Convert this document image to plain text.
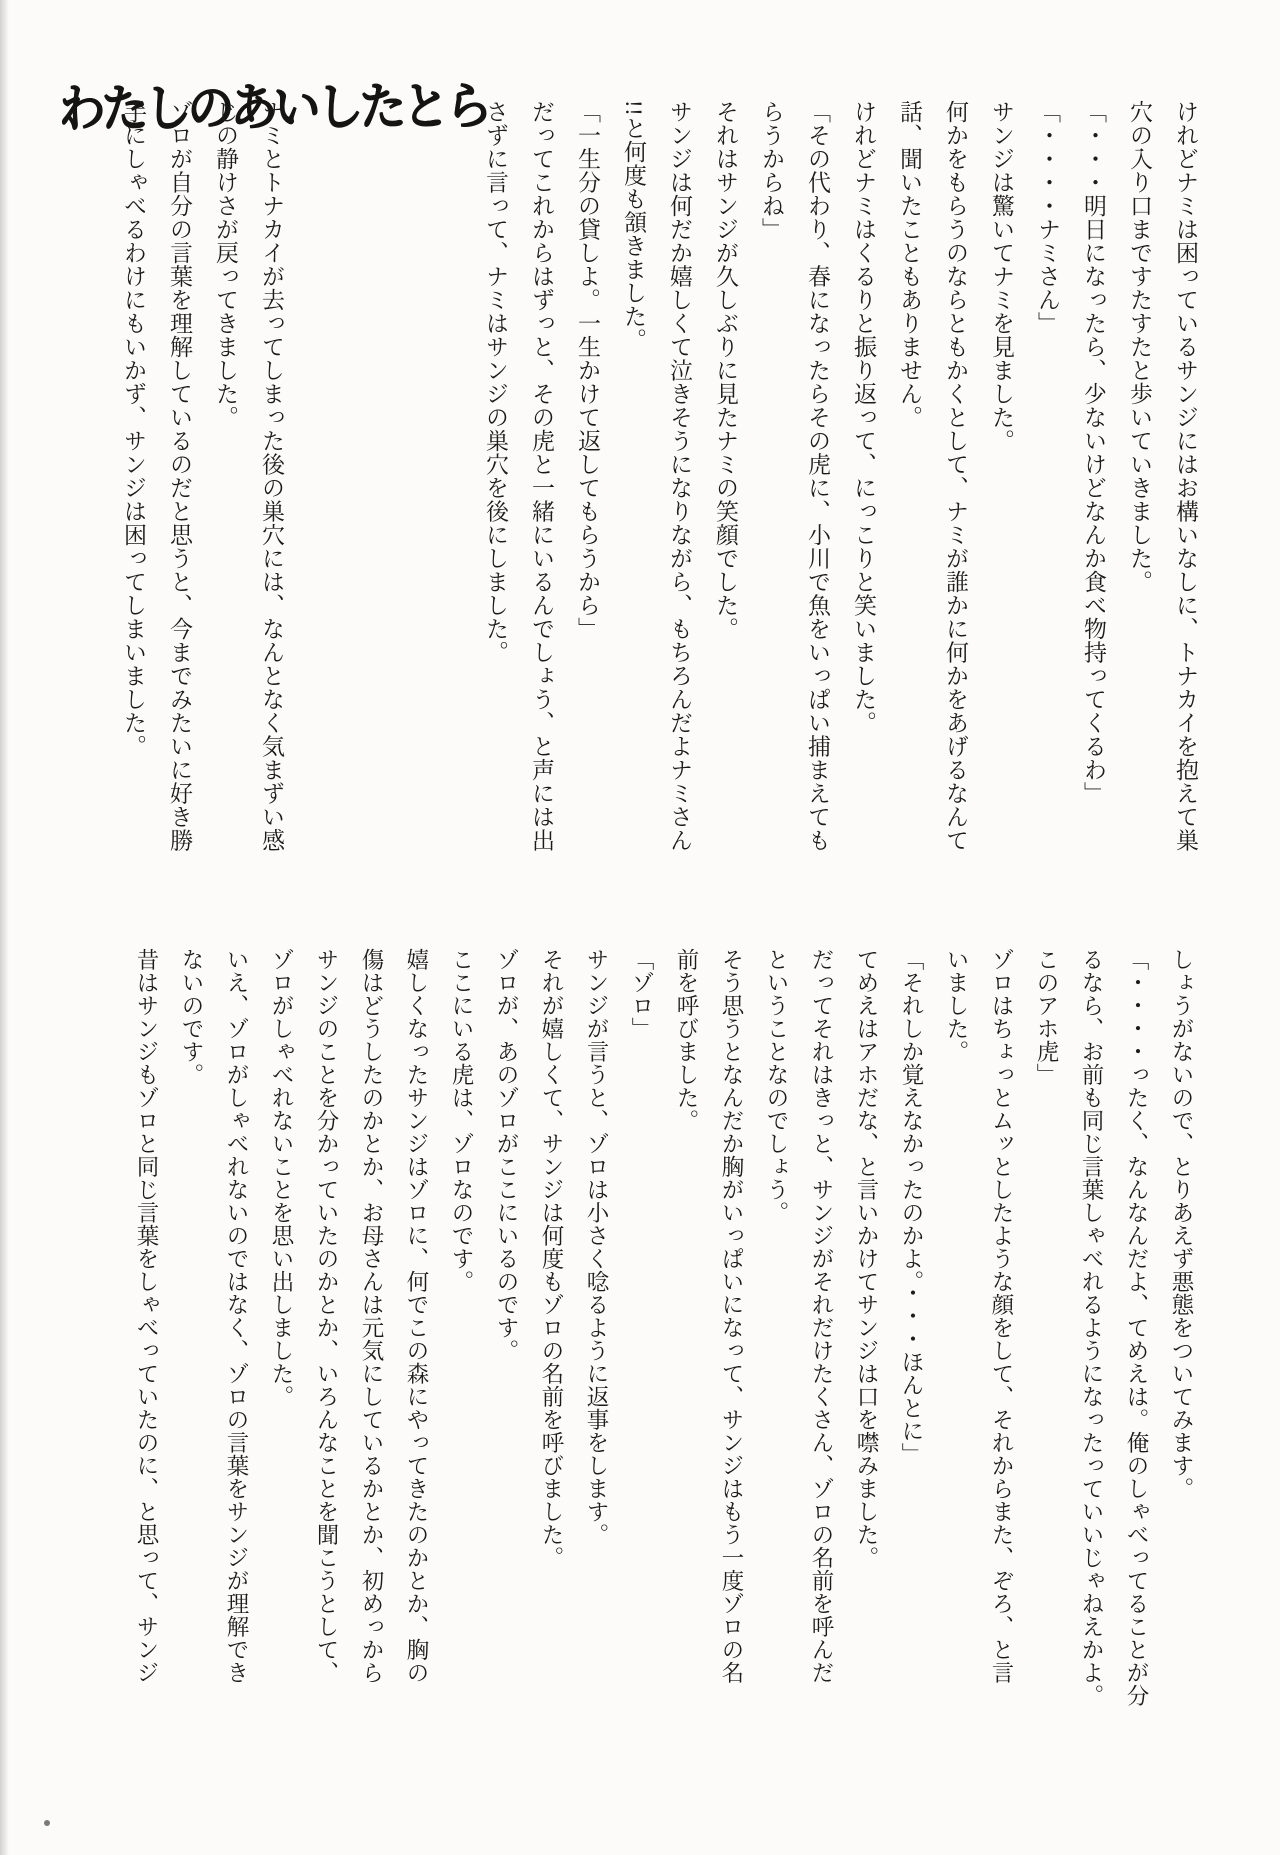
わたしのあいしたとら	けれどナミは困っているサンジにはお構いなしに、トナカイを抱えて巣

穴の入り口まですたすたと歩いていきました。

「・・・明日になったら、少ないけどなんか食べ物持ってくるわ」

「・・・・ナミさん」

サンジは驚いてナミを見ました。

何かをもらうのならともかくとして、ナミが誰かに何かをあげるなんて

話、聞いたこともありません。

けれどナミはくるりと振り返って、にっこりと笑いました。

「その代わり、春になったらその虎に、小川で魚をいっぱい捕まえても

らうからね」

それはサンジが久しぶりに見たナミの笑顔でした。

サンジは何だか嬉しくて泣きそうになりながら、もちろんだよナミさん

!!と何度も頷きました。

「一生分の貸しよ。一生かけて返してもらうから」

だってこれからはずっと、その虎と一緒にいるんでしょう、と声には出

さずに言って、ナミはサンジの巣穴を後にしました。

ナミとトナカイが去ってしまった後の巣穴には、なんとなく気まずい感

じの静けさが戻ってきました。

ゾロが自分の言葉を理解しているのだと思うと、今までみたいに好き勝

手にしゃべるわけにもいかず、サンジは困ってしまいました。

しょうがないので、とりあえず悪態をついてみます。

「・・・・ったく、なんなんだよ、てめえは。俺のしゃべってることが分

るなら、お前も同じ言葉しゃべれるようになったっていいじゃねえかよ。

このアホ虎」

ゾロはちょっとムッとしたような顔をして、それからまた、ぞろ、と言

いました。

「それしか覚えなかったのかよ。・・・ほんとに」

てめえはアホだな、と言いかけてサンジは口を噤みました。

だってそれはきっと、サンジがそれだけたくさん、ゾロの名前を呼んだ

ということなのでしょう。

そう思うとなんだか胸がいっぱいになって、サンジはもう一度ゾロの名

前を呼びました。

「ゾロ」

サンジが言うと、ゾロは小さく唸るように返事をします。

それが嬉しくて、サンジは何度もゾロの名前を呼びました。

ゾロが、あのゾロがここにいるのです。

ここにいる虎は、ゾロなのです。

嬉しくなったサンジはゾロに、何でこの森にやってきたのかとか、胸の

傷はどうしたのかとか、お母さんは元気にしているかとか、初めっから

サンジのことを分かっていたのかとか、いろんなことを聞こうとして、

ゾロがしゃべれないことを思い出しました。

いえ、ゾロがしゃべれないのではなく、ゾロの言葉をサンジが理解でき

ないのです。

昔はサンジもゾロと同じ言葉をしゃべっていたのに、と思って、サンジ
